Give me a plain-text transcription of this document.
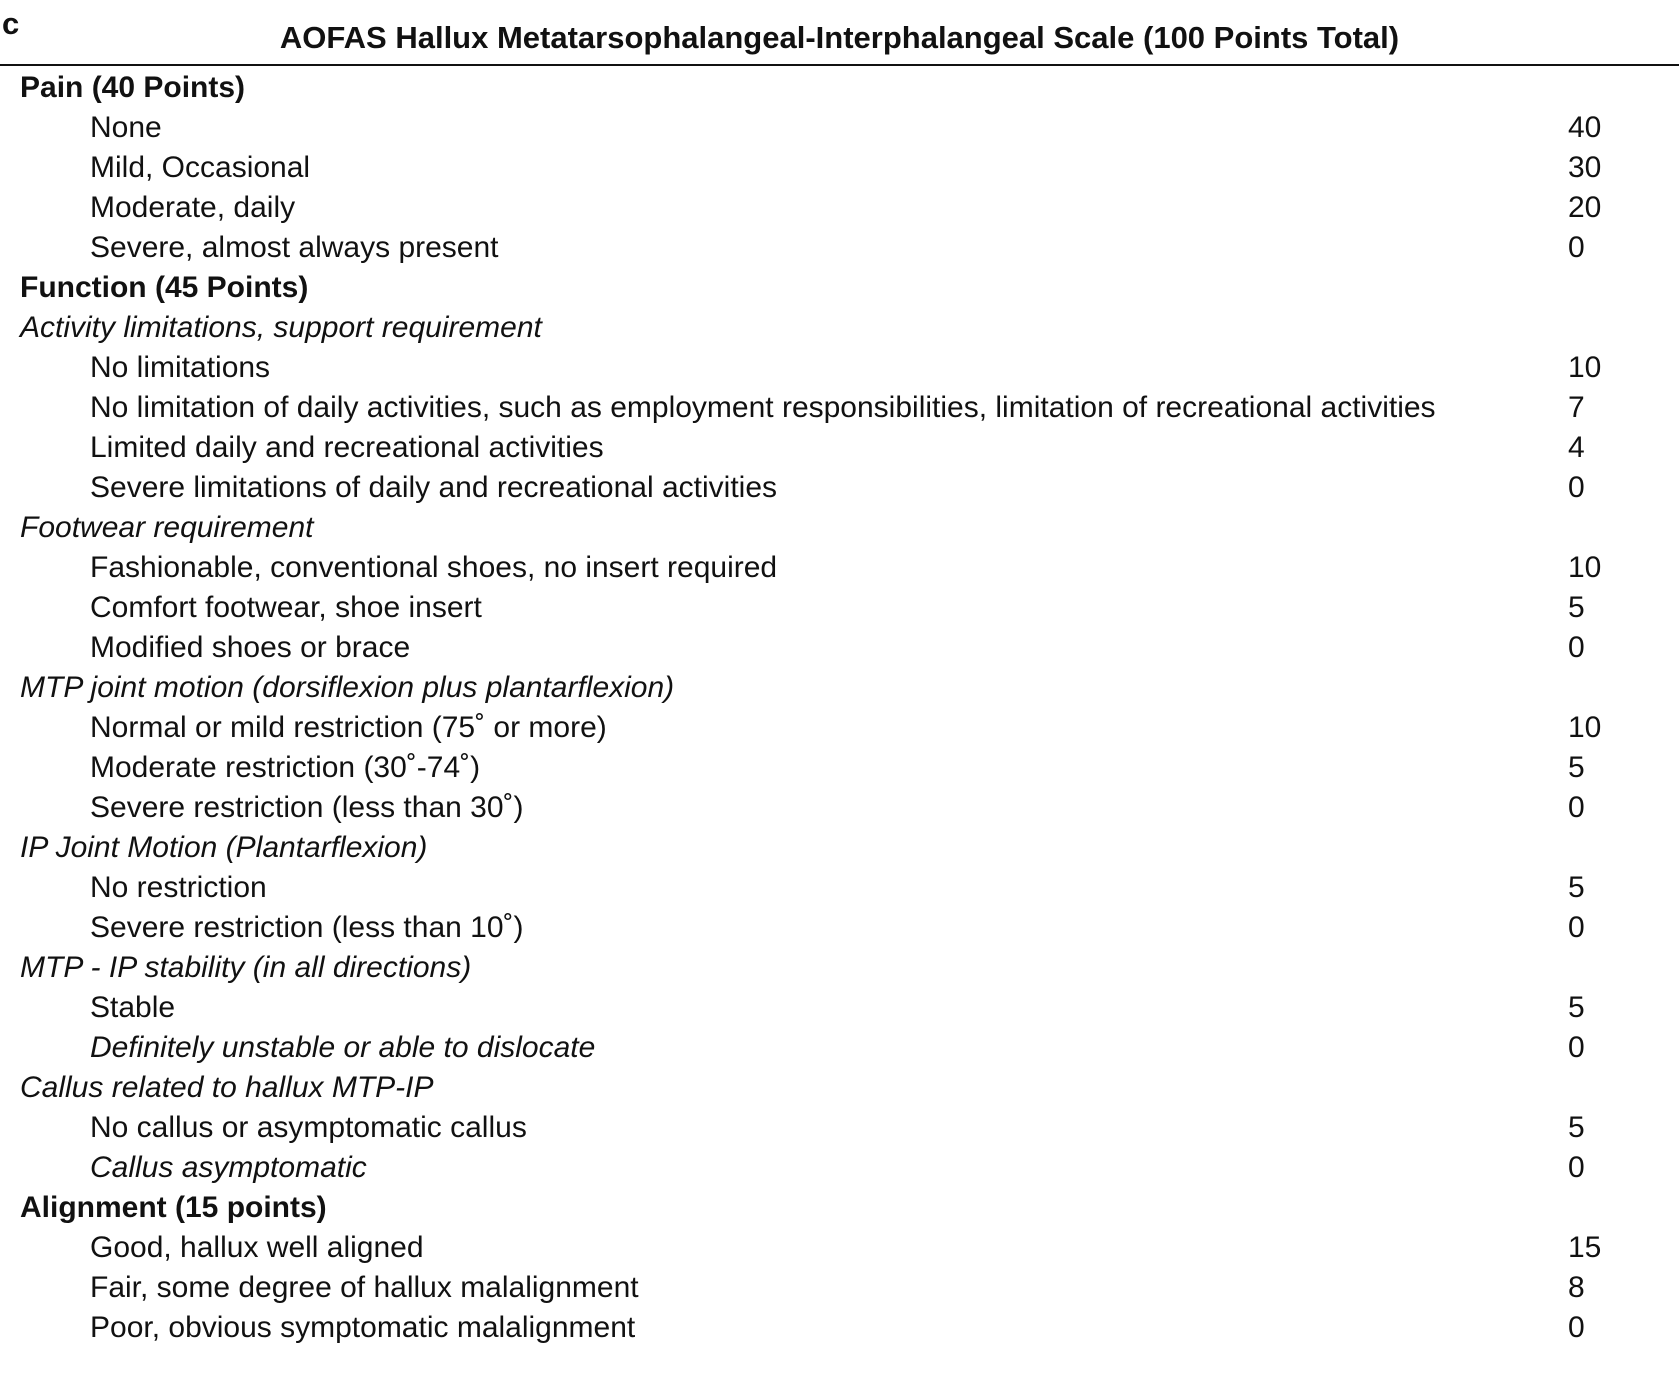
c	AOFAS Hallux Metatarsophalangeal-Interphalangeal Scale (100 Points Total)
Pain (40 Points)
None	40
Mild, Occasional	30
Moderate, daily	20
Severe, almost always present	0
Function (45 Points)
Activity limitations, support requirement
No limitations	10
No limitation of daily activities, such as employment responsibilities, limitation of recreational activities	7
Limited daily and recreational activities	4
Severe limitations of daily and recreational activities	0
Footwear requirement
Fashionable, conventional shoes, no insert required	10
Comfort footwear, shoe insert	5
Modified shoes or brace	0
MTP joint motion (dorsiflexion plus plantarflexion)
Normal or mild restriction (75˚ or more)	10
Moderate restriction (30˚-74˚)	5
Severe restriction (less than 30˚)	0
IP Joint Motion (Plantarflexion)
No restriction	5
Severe restriction (less than 10˚)	0
MTP - IP stability (in all directions)
Stable	5
Definitely unstable or able to dislocate	0
Callus related to hallux MTP-IP
No callus or asymptomatic callus	5
Callus asymptomatic	0
Alignment (15 points)
Good, hallux well aligned	15
Fair, some degree of hallux malalignment	8
Poor, obvious symptomatic malalignment	0
